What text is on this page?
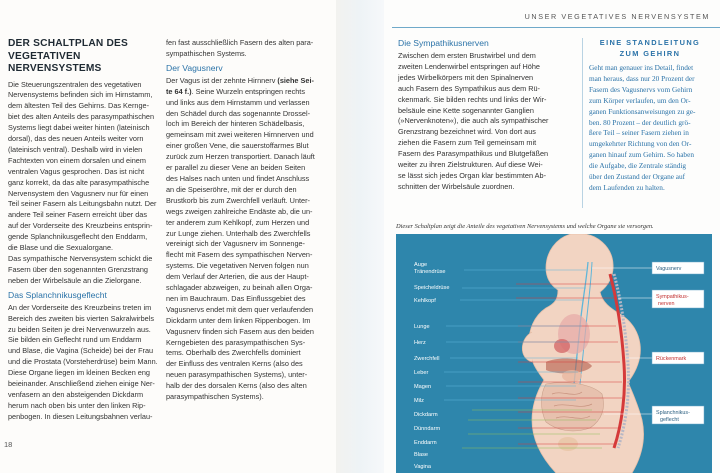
DER SCHALTPLAN DES VEGETATIVEN NERVENSYSTEMS

Die Steuerungszentralen des vegetativen

Nervensystems befinden sich im Hirnstamm,

dem ältesten Teil des Gehirns. Das Kernge-

biet des alten Anteils des parasympathischen

Systems liegt dabei weiter hinten (lateinisch

dorsal), das des neuen Anteils weiter vorn

(lateinisch ventral). Deshalb wird in vielen

Fachtexten von einem dorsalen und einem

ventralen Vagus gesprochen. Das ist nicht

ganz korrekt, da das alte parasympathische

Nervensystem den Vagusnerv nur für einen

Teil seiner Fasern als Leitungsbahn nutzt. Der

andere Teil seiner Fasern erreicht über das

auf der Vorderseite des Kreuzbeins entsprin-

gende Splanchnikusgeflecht den Enddarm,

die Blase und die Sexualorgane.

Das sympathische Nervensystem schickt die

Fasern über den sogenannten Grenzstrang

neben der Wirbelsäule an die Zielorgane.

Das Splanchnikusgeflecht

An der Vorderseite des Kreuzbeins treten im

Bereich des zweiten bis vierten Sakralwirbels

zu beiden Seiten je drei Nervenwurzeln aus.

Sie bilden ein Geflecht rund um Enddarm

und Blase, die Vagina (Scheide) bei der Frau

und die Prostata (Vorsteherdrüse) beim Mann.

Diese Organe liegen im kleinen Becken eng

beieinander. Anschließend ziehen einige Ner-

venfasern an den absteigenden Dickdarm

herum nach oben bis unter den linken Rip-

penbogen. In diesen Leitungsbahnen verlau-

fen fast ausschließlich Fasern des alten para-

sympathischen Systems.

Der Vagusnerv

Der Vagus ist der zehnte Hirnnerv (siehe Sei-

te 64 f.). Seine Wurzeln entspringen rechts

und links aus dem Hirnstamm und verlassen

den Schädel durch das sogenannte Drossel-

loch im Bereich der hinteren Schädelbasis,

gemeinsam mit zwei weiteren Hirnnerven und

einer großen Vene, die sauerstoffarmes Blut

zurück zum Herzen transportiert. Danach läuft

er parallel zu dieser Vene an beiden Seiten

des Halses nach unten und findet Anschluss

an die Speiseröhre, mit der er durch den

Brustkorb bis zum Zwerchfell verläuft. Unter-

wegs zweigen zahlreiche Endäste ab, die un-

ter anderem zum Kehlkopf, zum Herzen und

zur Lunge ziehen. Unterhalb des Zwerchfells

vereinigt sich der Vagusnerv im Sonnenge-

flecht mit Fasern des sympathischen Nerven-

systems. Die vegetativen Nerven folgen nun

dem Verlauf der Arterien, die aus der Haupt-

schlagader abzweigen, zu beinah allen Orga-

nen im Bauchraum. Das Einflussgebiet des

Vagusnervs endet mit dem quer verlaufenden

Dickdarm unter dem linken Rippenbogen. Im

Vagusnerv finden sich Fasern aus den beiden

Kerngebieten des parasympathischen Sys-

tems. Oberhalb des Zwerchfells dominiert

der Einfluss des ventralen Kerns (also des

neuen parasympathischen Systems), unter-

halb der des dorsalen Kerns (also des alten

parasympathischen Systems).

18
UNSER VEGETATIVES NERVENSYSTEM
Die Sympathikusnerven

Zwischen dem ersten Brustwirbel und dem

zweiten Lendenwirbel entspringen auf Höhe

jedes Wirbelkörpers mit den Spinalnerven

auch Fasern des Sympathikus aus dem Rü-

ckenmark. Sie bilden rechts und links der Wir-

belsäule eine Kette sogenannter Ganglien

(»Nervenknoten«), die auch als sympathischer

Grenzstrang bezeichnet wird. Von dort aus

ziehen die Fasern zum Teil gemeinsam mit

Fasern des Parasympathikus und Blutgefäßen

weiter zu ihren Zielstrukturen. Auf diese Wei-

se lässt sich jedes Organ klar bestimmten Ab-

schnitten der Wirbelsäule zuordnen.

EINE STANDLEITUNG
ZUM GEHIRN

Geht man genauer ins Detail, findet

man heraus, dass nur 20 Prozent der

Fasern des Vagusnervs vom Gehirn

zum Körper verlaufen, um den Or-

ganen Funktionsanweisungen zu ge-

ben. 80 Prozent – der deutlich grö-

ßere Teil – seiner Fasern ziehen in

umgekehrter Richtung von den Or-

ganen hinauf zum Gehirn. So haben

die Aufgabe, die Zentrale ständig

über den Zustand der Organe auf

dem Laufenden zu halten.

Dieser Schaltplan zeigt die Anteile des vegetativen Nervensystems und welche Organe sie versorgen.
Auge
Tränendrüse
Speicheldrüse
Kehlkopf
Lunge
Herz
Zwerchfell
Leber
Magen
Milz
Dickdarm
Dünndarm
Enddarm
Blase
Vagina
Vagusnerv
Sympathikus-
nerven
Rückenmark
Splanchnikus-
geflecht
